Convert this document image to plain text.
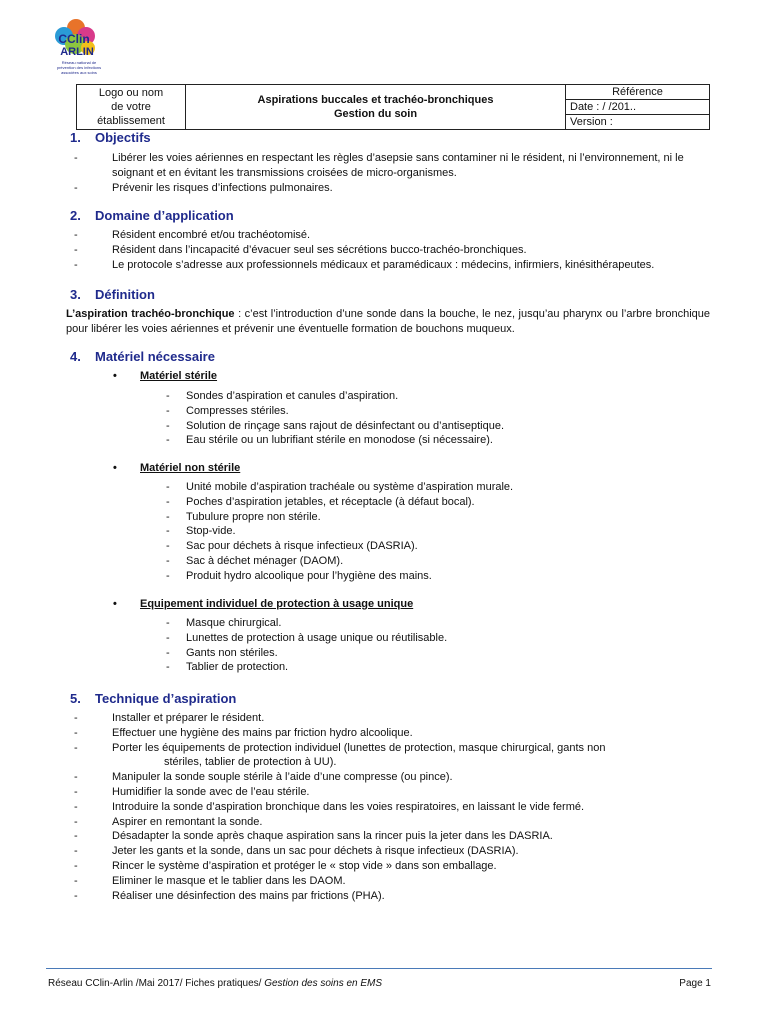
CClin
ARLIN
Réseau national de
prévention des infections
associées aux soins
Logo ou nom
de votre
établissement

Aspirations buccales et trachéo-bronchiques
Gestion du soin
	Référence
Date : / /201..
Version :
1.	Objectifs
- Libérer les voies aériennes en respectant les règles d’asepsie sans contaminer ni le résident, ni l’environnement, ni le soignant et en évitant les transmissions croisées de micro-organismes.
- Prévenir les risques d’infections pulmonaires.
2.	Domaine d’application
- Résident encombré et/ou trachéotomisé.
- Résident dans l’incapacité d’évacuer seul ses sécrétions bucco-trachéo-bronchiques.
- Le protocole s’adresse aux professionnels médicaux et paramédicaux : médecins, infirmiers, kinésithérapeutes.
3.	Définition
L’aspiration trachéo-bronchique : c’est l’introduction d’une sonde dans la bouche, le nez, jusqu’au pharynx ou l’arbre bronchique pour libérer les voies aériennes et prévenir une éventuelle formation de bouchons muqueux.
4.	Matériel nécessaire
• Matériel stérile
- Sondes d’aspiration et canules d’aspiration.
- Compresses stériles.
- Solution de rinçage sans rajout de désinfectant ou d’antiseptique.
- Eau stérile ou un lubrifiant stérile en monodose (si nécessaire).
• Matériel non stérile
- Unité mobile d’aspiration trachéale ou système d’aspiration murale.
- Poches d’aspiration jetables, et réceptacle (à défaut bocal).
- Tubulure propre non stérile.
- Stop-vide.
- Sac pour déchets à risque infectieux (DASRIA).
- Sac à déchet ménager (DAOM).
- Produit hydro alcoolique pour l’hygiène des mains.
• Equipement individuel de protection à usage unique
- Masque chirurgical.
- Lunettes de protection à usage unique ou réutilisable.
- Gants non stériles.
- Tablier de protection.
5.	Technique d’aspiration
- Installer et préparer le résident.
- Effectuer une hygiène des mains par friction hydro alcoolique.
- Porter les équipements de protection individuel (lunettes de protection, masque chirurgical, gants non
stériles, tablier de protection à UU).
- Manipuler la sonde souple stérile à l’aide d’une compresse (ou pince).
- Humidifier la sonde avec de l’eau stérile.
- Introduire la sonde d’aspiration bronchique dans les voies respiratoires, en laissant le vide fermé.
- Aspirer en remontant la sonde.
- Désadapter la sonde après chaque aspiration sans la rincer puis la jeter dans les DASRIA.
- Jeter les gants et la sonde, dans un sac pour déchets à risque infectieux (DASRIA).
- Rincer le système d’aspiration et protéger le « stop vide » dans son emballage.
- Eliminer le masque et le tablier dans les DAOM.
- Réaliser une désinfection des mains par frictions (PHA).
Réseau CClin-Arlin /Mai 2017/ Fiches pratiques/ Gestion des soins en EMS	Page 1
